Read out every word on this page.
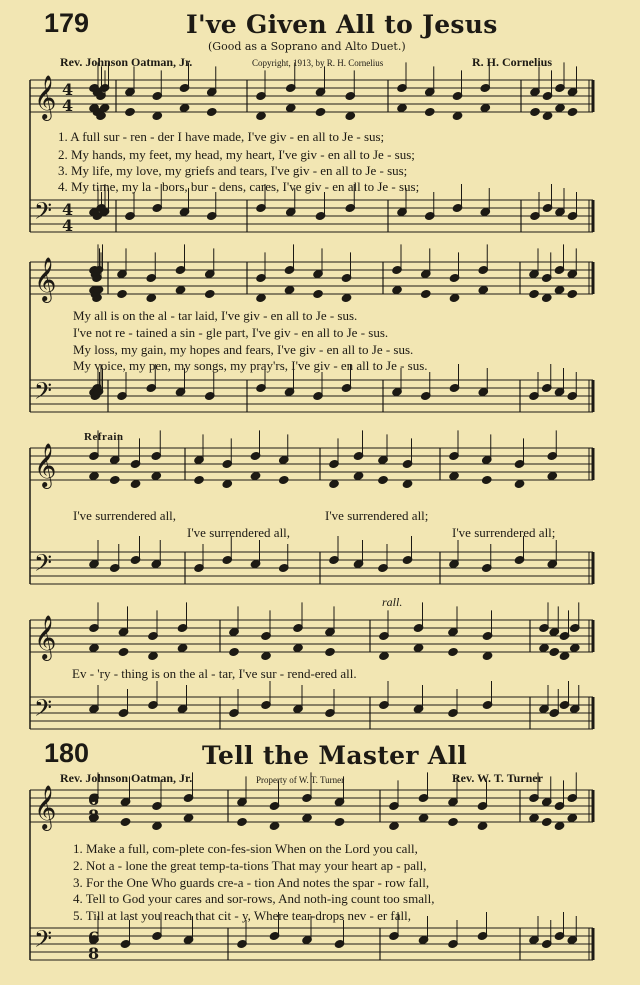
𝄞
𝄢
𝄞
𝄢
𝄞
𝄢
𝄞
𝄢
𝄞
𝄢
4
4
4
4
6
8
6
8
179	I've Given All to Jesus
(Good as a Soprano and Alto Duet.)
Rev. Johnson Oatman, Jr.	Copyright, 1913, by R. H. Cornelius	R. H. Cornelius
1. A full sur - ren - der I have made, I've giv - en all to Je - sus;
2. My hands, my feet, my head, my heart, I've giv - en all to Je - sus;
3. My life, my love, my griefs and tears, I've giv - en all to Je - sus;
4. My time, my la - bors, bur - dens, cares, I've giv - en all to Je - sus;
My all is on the al - tar laid, I've giv - en all to Je - sus.
I've not re - tained a sin - gle part, I've giv - en all to Je - sus.
My loss, my gain, my hopes and fears, I've giv - en all to Je - sus.
My voice, my pen, my songs, my pray'rs, I've giv - en all to Je - sus.
Refrain
I've surrendered all,
I've surrendered all,
I've surrendered all;
I've surrendered all;
rall.
Ev - 'ry - thing is on the al - tar, I've sur - rend-ered all.
180	Tell the Master All
Rev. Johnson Oatman, Jr.	Property of W. T. Turner	Rev. W. T. Turner
1. Make a full, com-plete con-fes-sion When on the Lord you call,
2. Not a - lone the great temp-ta-tions That may your heart ap - pall,
3. For the One Who guards cre-a - tion And notes the spar - row fall,
4. Tell to God your cares and sor-rows, And noth-ing count too small,
5. Till at last you reach that cit - y, Where tear-drops nev - er fall,
